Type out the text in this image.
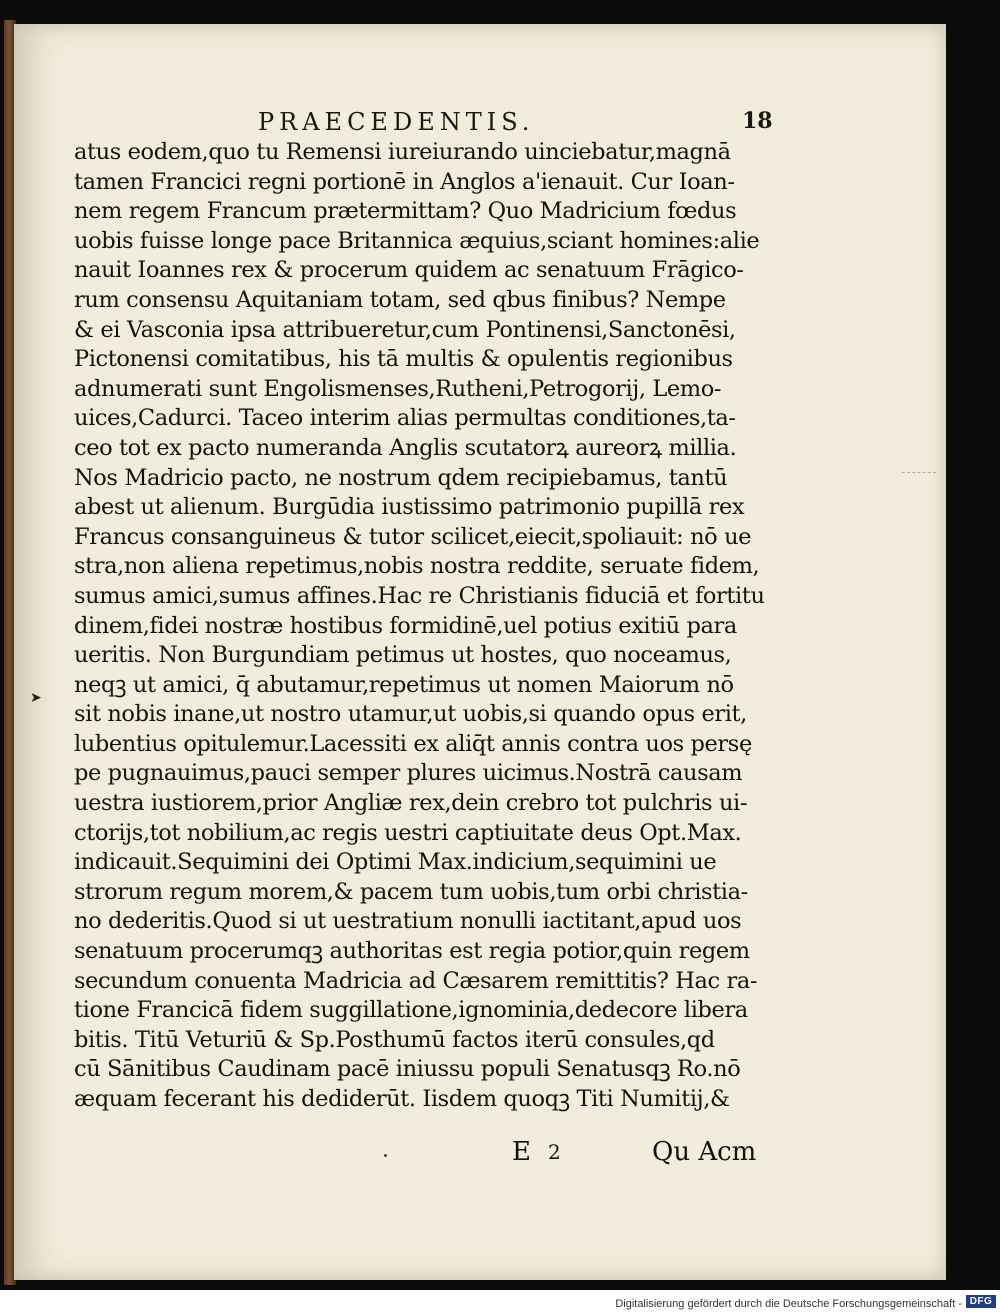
PRAECEDENTIS.	18
atus eodem,quo tu Remensi iureiurando uinciebatur,magnā
tamen Francici regni portionē in Anglos a'ienauit. Cur Ioan-
nem regem Francum prætermittam? Quo Madricium fœdus
uobis fuisse longe pace Britannica æquius,sciant homines:alie
nauit Ioannes rex & procerum quidem ac senatuum Frāgico-
rum consensu Aquitaniam totam, sed qbus finibus? Nempe
& ei Vasconia ipsa attribueretur,cum Pontinensi,Sanctonēsi,
Pictonensi comitatibus, his tā multis & opulentis regionibus
adnumerati sunt Engolismenses,Rutheni,Petrogorij, Lemo-
uices,Cadurci. Taceo interim alias permultas conditiones,ta-
ceo tot ex pacto numeranda Anglis scutatorꝝ aureorꝝ millia.
Nos Madricio pacto, ne nostrum qdem recipiebamus, tantū
abest ut alienum. Burgūdia iustissimo patrimonio pupillā rex
Francus consanguineus & tutor scilicet,eiecit,spoliauit: nō ue
stra,non aliena repetimus,nobis nostra reddite, seruate fidem,
sumus amici,sumus affines.Hac re Christianis fiduciā et fortitu
dinem,fidei nostræ hostibus formidinē,uel potius exitiū para
ueritis. Non Burgundiam petimus ut hostes, quo noceamus,
neqꝫ ut amici, q̄ abutamur,repetimus ut nomen Maiorum nō
sit nobis inane,ut nostro utamur,ut uobis,si quando opus erit,
lubentius opitulemur.Lacessiti ex aliq̄t annis contra uos persę
pe pugnauimus,pauci semper plures uicimus.Nostrā causam
uestra iustiorem,prior Angliæ rex,dein crebro tot pulchris ui-
ctorijs,tot nobilium,ac regis uestri captiuitate deus Opt.Max.
indicauit.Sequimini dei Optimi Max.indicium,sequimini ue
strorum regum morem,& pacem tum uobis,tum orbi christia-
no dederitis.Quod si ut uestratium nonulli iactitant,apud uos
senatuum procerumqꝫ authoritas est regia potior,quin regem
secundum conuenta Madricia ad Cæsarem remittitis? Hac ra-
tione Francicā fidem suggillatione,ignominia,dedecore libera
bitis. Titū Veturiū & Sp.Posthumū factos iterū consules,qd
cū Sānitibus Caudinam pacē iniussu populi Senatusqꝫ Ro.nō
æquam fecerant his dediderūt. Iisdem quoqꝫ Titi Numitij,&
➤
E 2	Qu Acm
Digitalisierung gefördert durch die Deutsche Forschungsgemeinschaft - DFG
